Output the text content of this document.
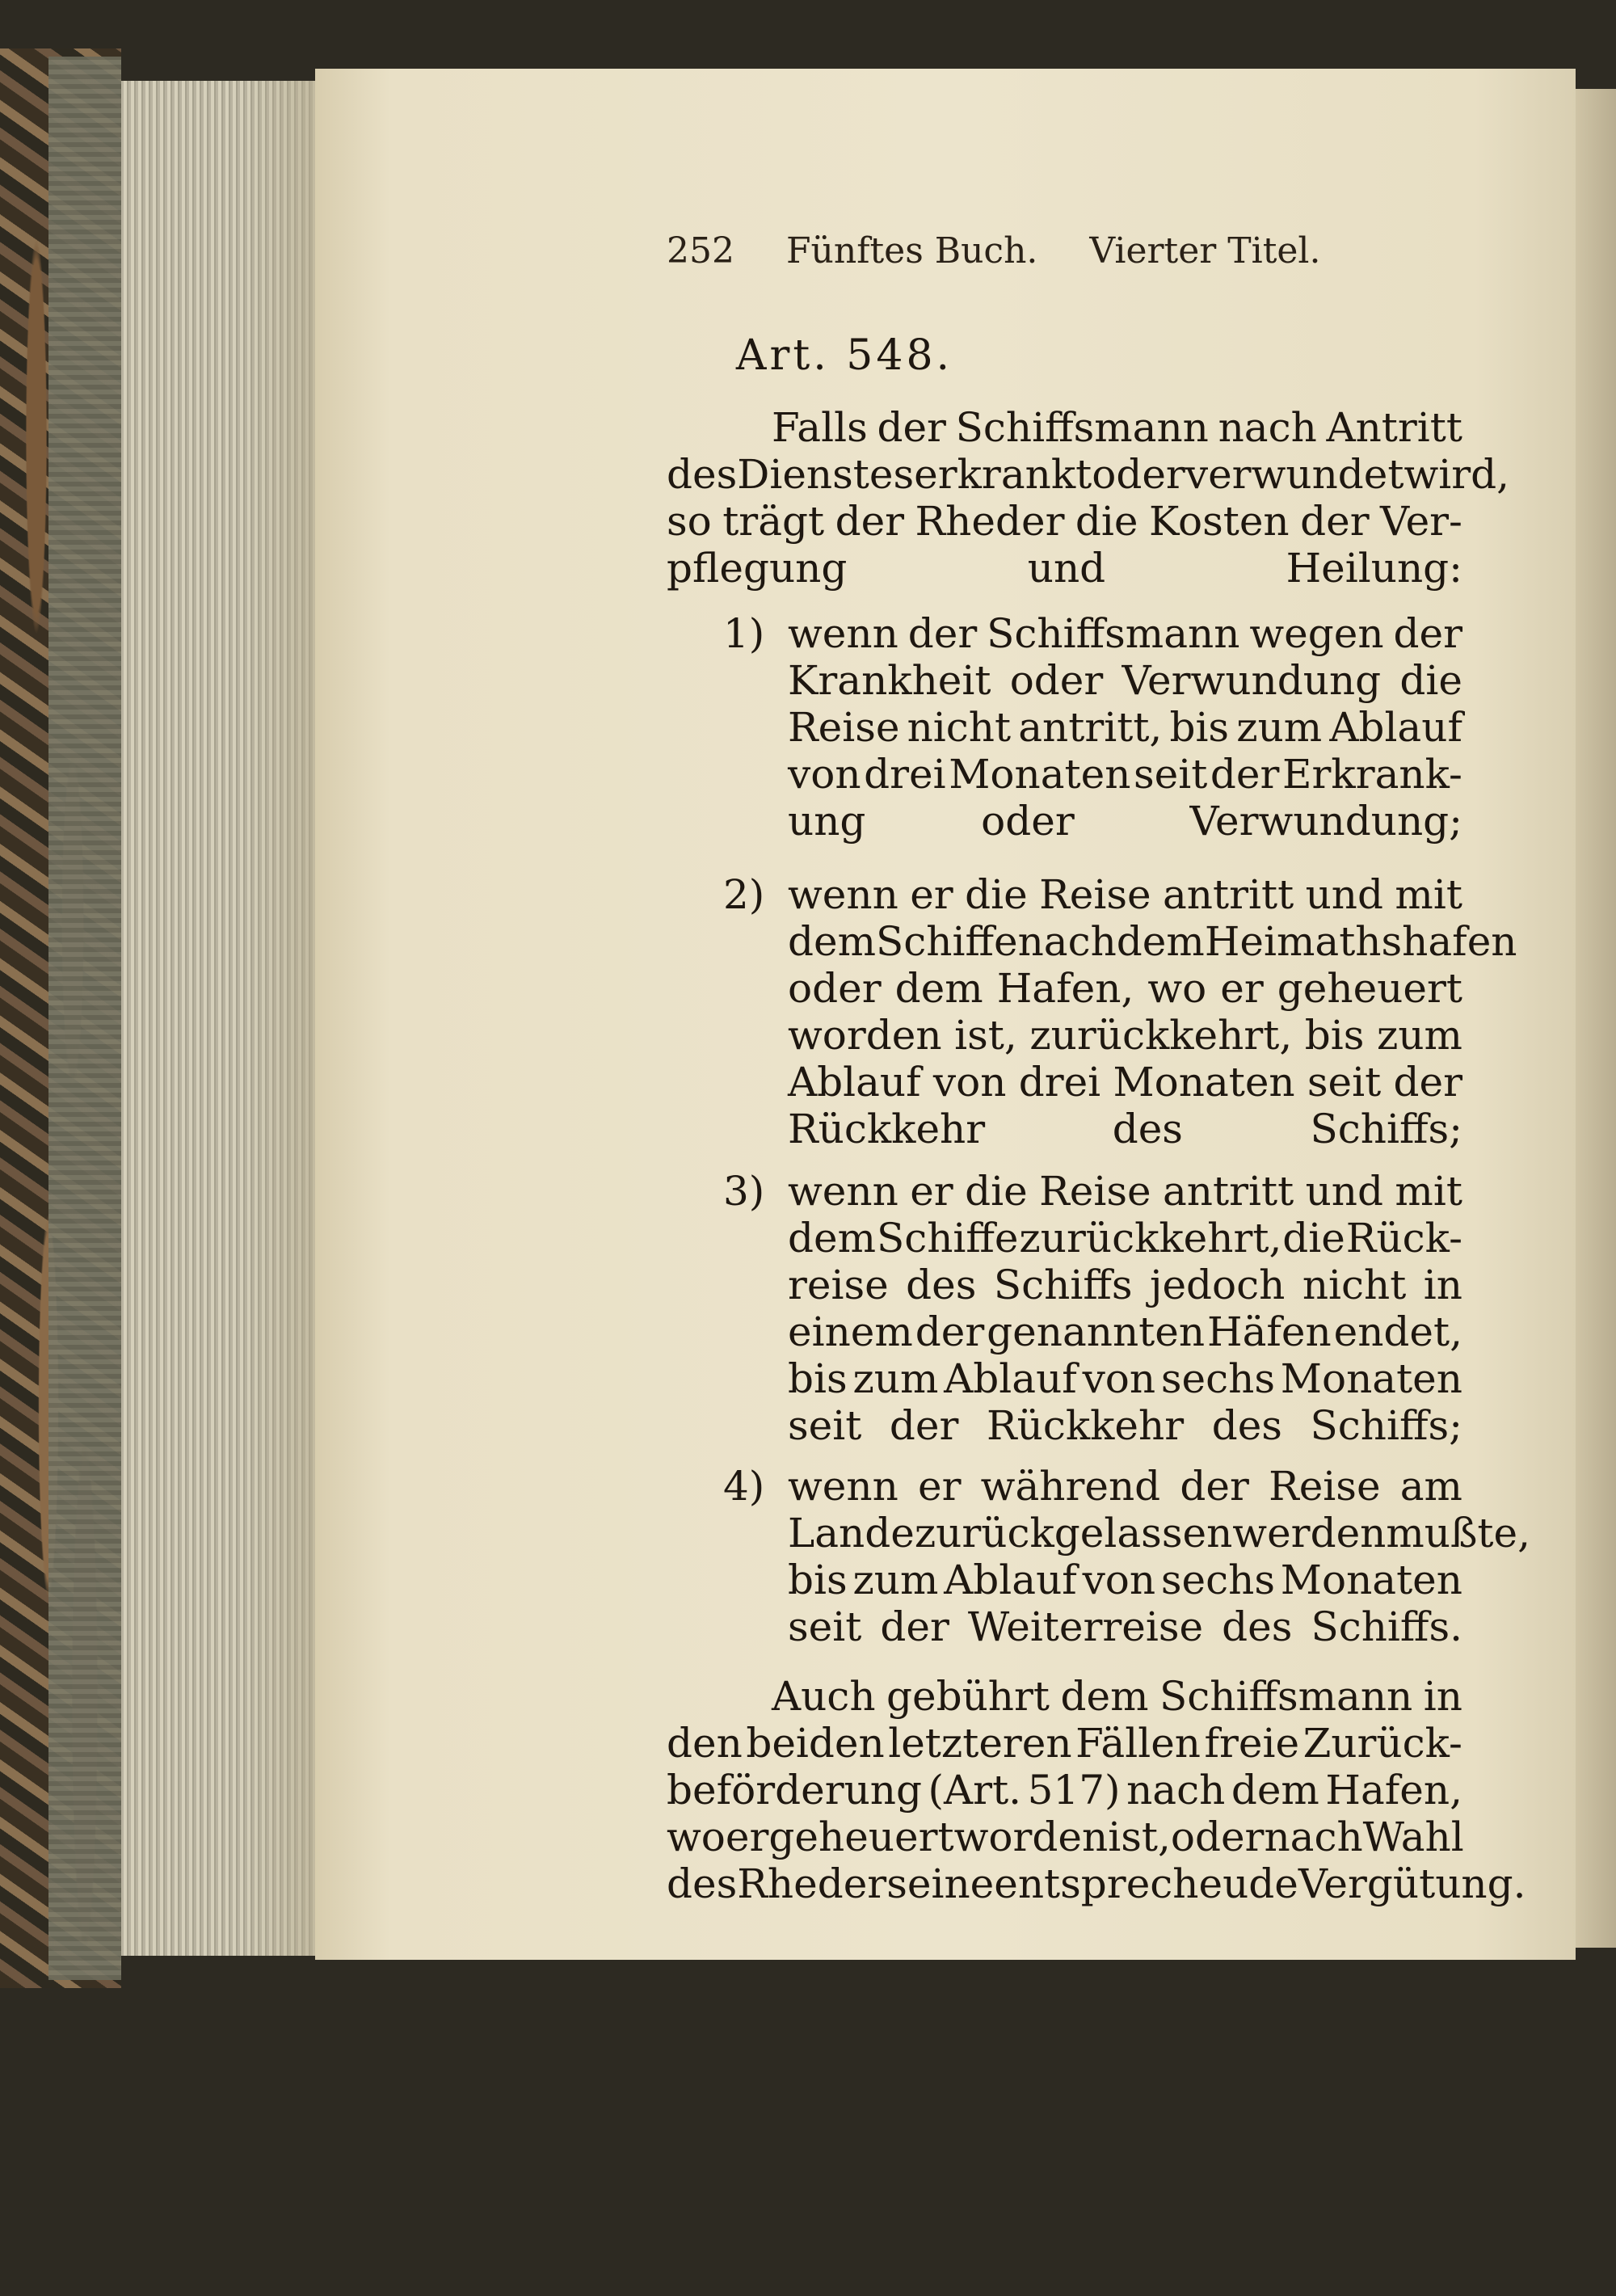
252 Fünftes Buch. Vierter Titel.
Art. 548.
Falls der Schiffsmann nach Antritt
des Dienstes erkrankt oder verwundet wird,
so trägt der Rheder die Kosten der Ver-
pflegung und Heilung:
1) wenn der Schiffsmann wegen der
Krankheit oder Verwundung die
Reise nicht antritt, bis zum Ablauf
von drei Monaten seit der Erkrank-
ung oder Verwundung;
2) wenn er die Reise antritt und mit
dem Schiffe nach dem Heimathshafen
oder dem Hafen, wo er geheuert
worden ist, zurückkehrt, bis zum
Ablauf von drei Monaten seit der
Rückkehr des Schiffs;
3) wenn er die Reise antritt und mit
dem Schiffe zurückkehrt, die Rück-
reise des Schiffs jedoch nicht in
einem der genannten Häfen endet,
bis zum Ablauf von sechs Monaten
seit der Rückkehr des Schiffs;
4) wenn er während der Reise am
Lande zurückgelassen werden mußte,
bis zum Ablauf von sechs Monaten
seit der Weiterreise des Schiffs.
Auch gebührt dem Schiffsmann in
den beiden letzteren Fällen freie Zurück-
beförderung (Art. 517) nach dem Hafen,
wo er geheuert worden ist, oder nach Wahl
des Rheders eine entsprecheude Vergütung.
